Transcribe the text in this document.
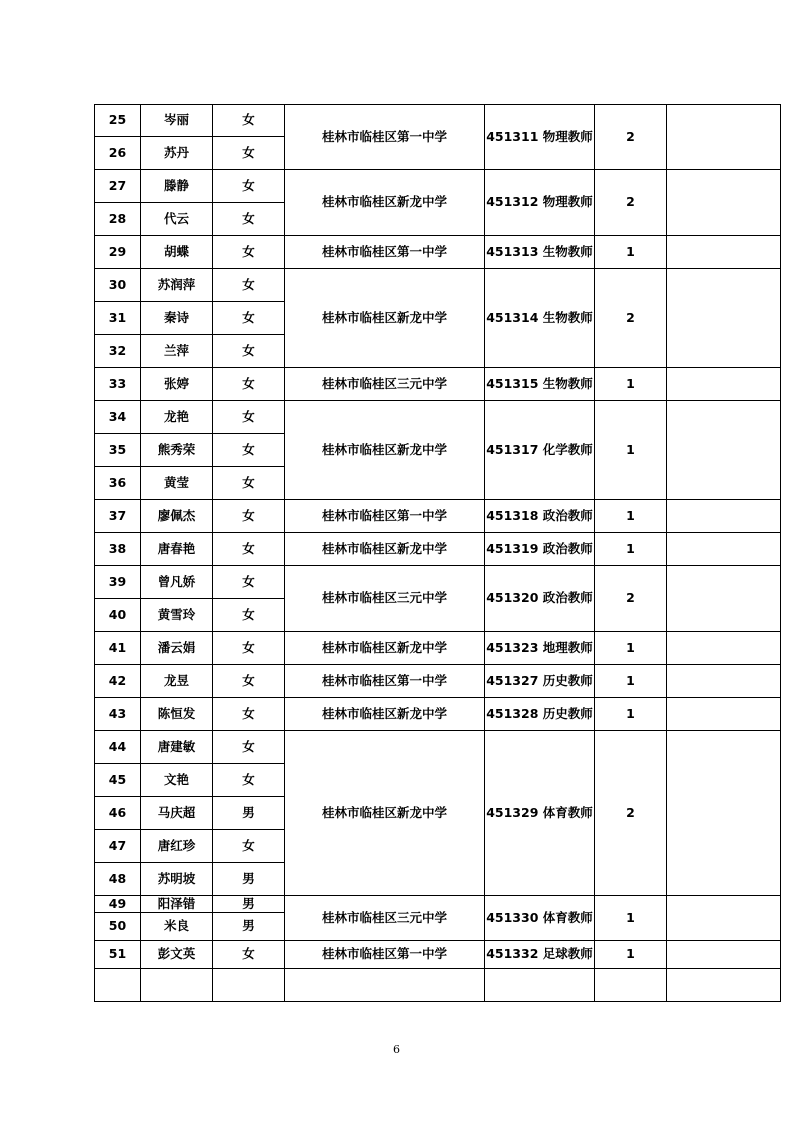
25	岑丽	女	桂林市临桂区第一中学	451311 物理教师	2	
26	苏丹	女				
27	滕静	女	桂林市临桂区新龙中学	451312 物理教师	2	
28	代云	女				
29	胡蝶	女	桂林市临桂区第一中学	451313 生物教师	1	
30	苏润萍	女	桂林市临桂区新龙中学	451314 生物教师	2	
31	秦诗	女				
32	兰萍	女				
33	张婷	女	桂林市临桂区三元中学	451315 生物教师	1	
34	龙艳	女	桂林市临桂区新龙中学	451317 化学教师	1	
35	熊秀荣	女				
36	黄莹	女				
37	廖佩杰	女	桂林市临桂区第一中学	451318 政治教师	1	
38	唐春艳	女	桂林市临桂区新龙中学	451319 政治教师	1	
39	曾凡娇	女	桂林市临桂区三元中学	451320 政治教师	2	
40	黄雪玲	女				
41	潘云娟	女	桂林市临桂区新龙中学	451323 地理教师	1	
42	龙昱	女	桂林市临桂区第一中学	451327 历史教师	1	
43	陈恒发	女	桂林市临桂区新龙中学	451328 历史教师	1	
44	唐建敏	女	桂林市临桂区新龙中学	451329 体育教师	2	
45	文艳	女				
46	马庆超	男				
47	唐红珍	女				
48	苏明坡	男				
49	阳泽错	男	桂林市临桂区三元中学	451330 体育教师	1	
50	米良	男				
51	彭文英	女	桂林市临桂区第一中学	451332 足球教师	1	

6
